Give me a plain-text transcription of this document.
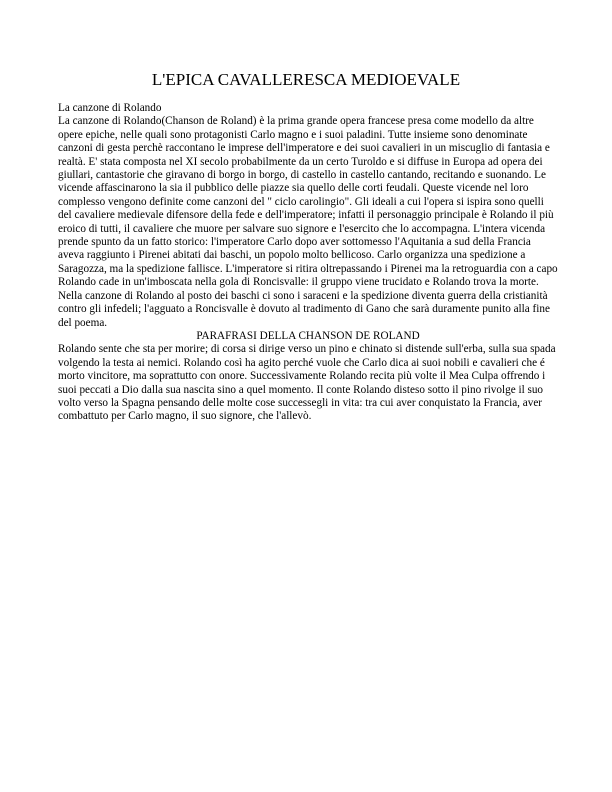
L'EPICA CAVALLERESCA MEDIOEVALE

La canzone di Rolando

La canzone di Rolando(Chanson de Roland) è la prima grande opera francese presa come modello da altre opere epiche, nelle quali sono protagonisti Carlo magno e i suoi paladini. Tutte insieme sono denominate canzoni di gesta perchè raccontano le imprese dell'imperatore e dei suoi cavalieri in un miscuglio di fantasia e realtà. E' stata composta nel XI secolo probabilmente da un certo Turoldo e si diffuse in Europa ad opera dei giullari, cantastorie che giravano di borgo in borgo, di castello in castello cantando, recitando e suonando. Le vicende affascinarono la sia il pubblico delle piazze sia quello delle corti feudali. Queste vicende nel loro complesso vengono definite come canzoni del " ciclo carolingio". Gli ideali a cui l'opera si ispira sono quelli del cavaliere medievale difensore della fede e dell'imperatore; infatti il personaggio principale è Rolando il più eroico di tutti, il cavaliere che muore per salvare suo signore e l'esercito che lo accompagna. L'intera vicenda prende spunto da un fatto storico: l'imperatore Carlo dopo aver sottomesso l'Aquitania a sud della Francia aveva raggiunto i Pirenei abitati dai baschi, un popolo molto bellicoso. Carlo organizza una spedizione a Saragozza, ma la spedizione fallisce. L'imperatore si ritira oltrepassando i Pirenei ma la retroguardia con a capo Rolando cade in un'imboscata nella gola di Roncisvalle: il gruppo viene trucidato e Rolando trova la morte. Nella canzone di Rolando al posto dei baschi ci sono i saraceni e la spedizione diventa guerra della cristianità contro gli infedeli; l'agguato a Roncisvalle è dovuto al tradimento di Gano che sarà duramente punito alla fine del poema.

PARAFRASI DELLA CHANSON DE ROLAND

Rolando sente che sta per morire; di corsa si dirige verso un pino e chinato si distende sull'erba, sulla sua spada volgendo la testa ai nemici. Rolando così ha agito perché vuole che Carlo dica ai suoi nobili e cavalieri che é morto vincitore, ma soprattutto con onore. Successivamente Rolando recita più volte il Mea Culpa offrendo i suoi peccati a Dio dalla sua nascita sino a quel momento. Il conte Rolando disteso sotto il pino rivolge il suo volto verso la Spagna pensando delle molte cose successegli in vita: tra cui aver conquistato la Francia, aver combattuto per Carlo magno, il suo signore, che l'allevò.
